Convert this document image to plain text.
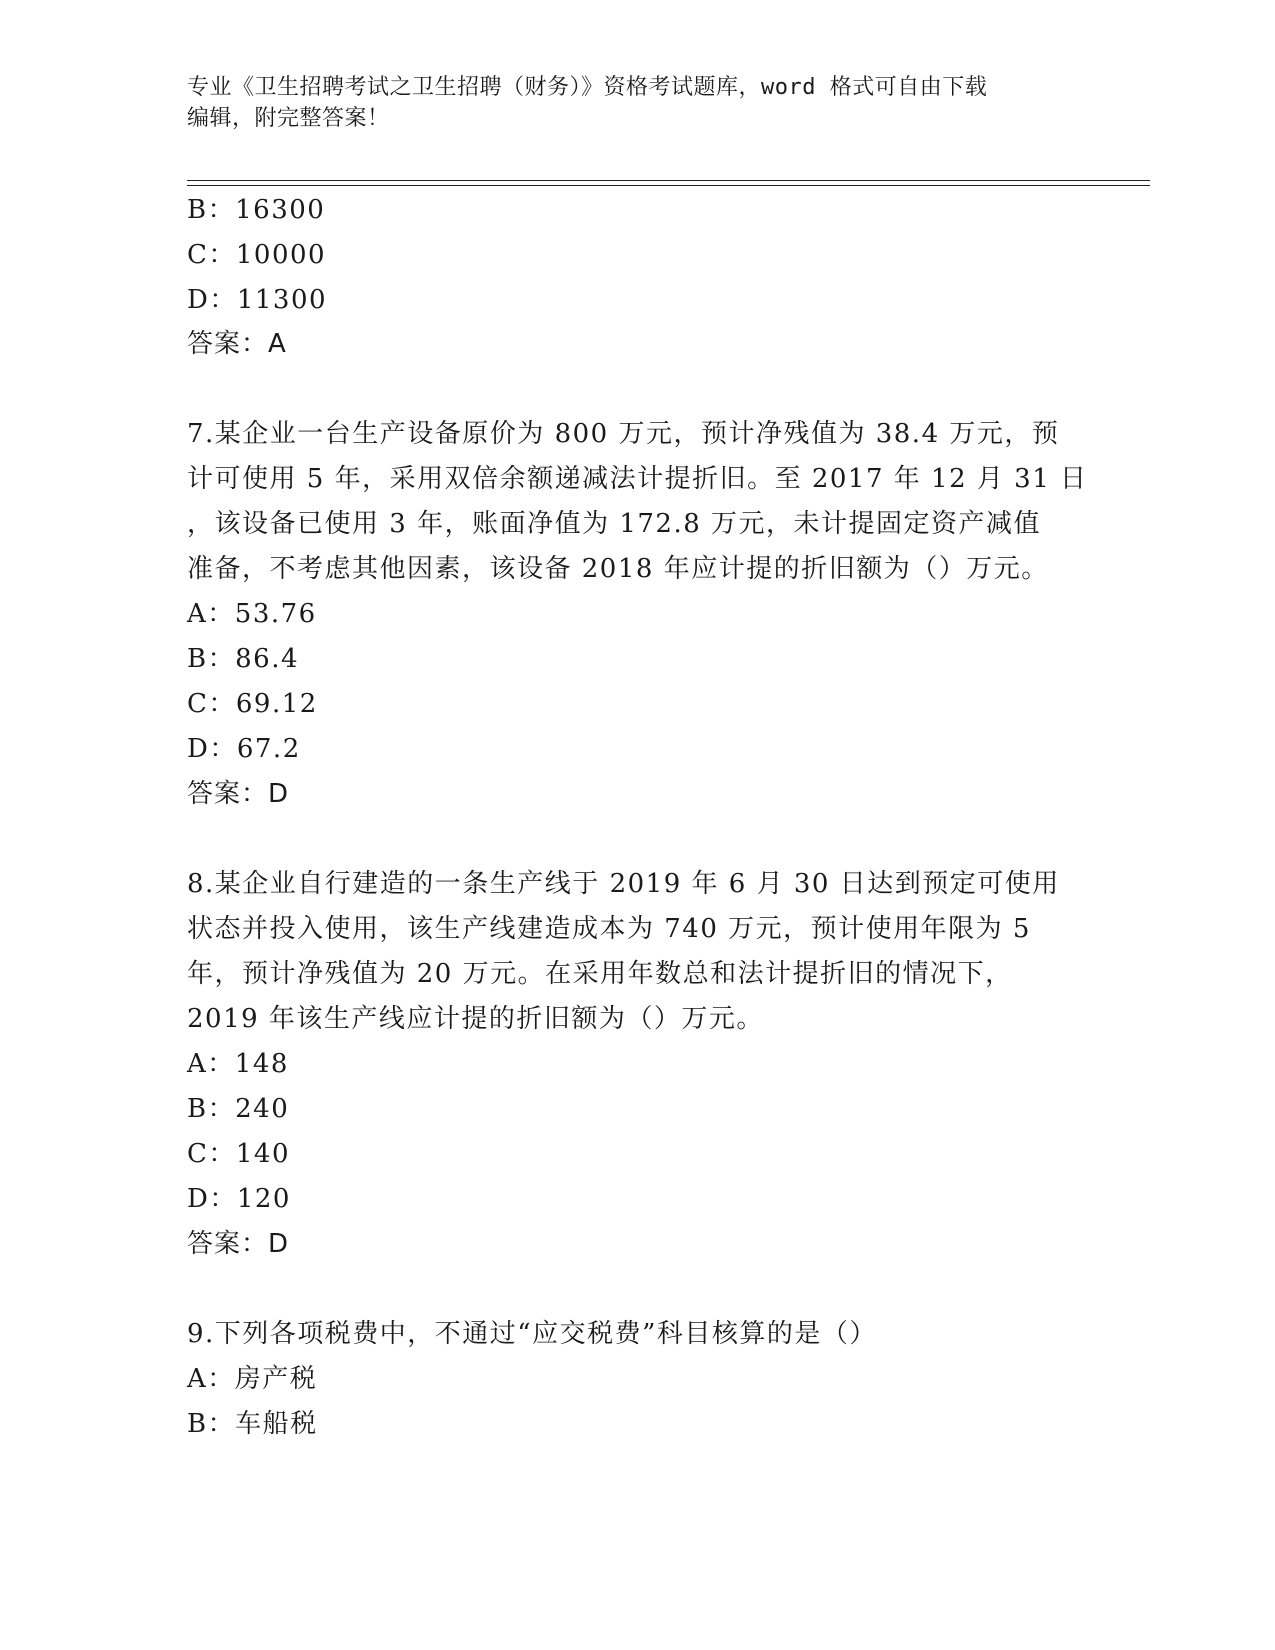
专业《卫生招聘考试之卫生招聘（财务）》资格考试题库，word 格式可自由下载
编辑，附完整答案！
B：16300
C：10000
D：11300
答案：A
7.某企业一台生产设备原价为 800 万元，预计净残值为 38.4 万元，预
计可使用 5 年，采用双倍余额递减法计提折旧。至 2017 年 12 月 31 日
，该设备已使用 3 年，账面净值为 172.8 万元，未计提固定资产减值
准备，不考虑其他因素，该设备 2018 年应计提的折旧额为（）万元。
A：53.76
B：86.4
C：69.12
D：67.2
答案：D
8.某企业自行建造的一条生产线于 2019 年 6 月 30 日达到预定可使用
状态并投入使用，该生产线建造成本为 740 万元，预计使用年限为 5
年，预计净残值为 20 万元。在采用年数总和法计提折旧的情况下，
2019 年该生产线应计提的折旧额为（）万元。
A：148
B：240
C：140
D：120
答案：D
9.下列各项税费中，不通过“应交税费”科目核算的是（）
A：房产税
B：车船税
